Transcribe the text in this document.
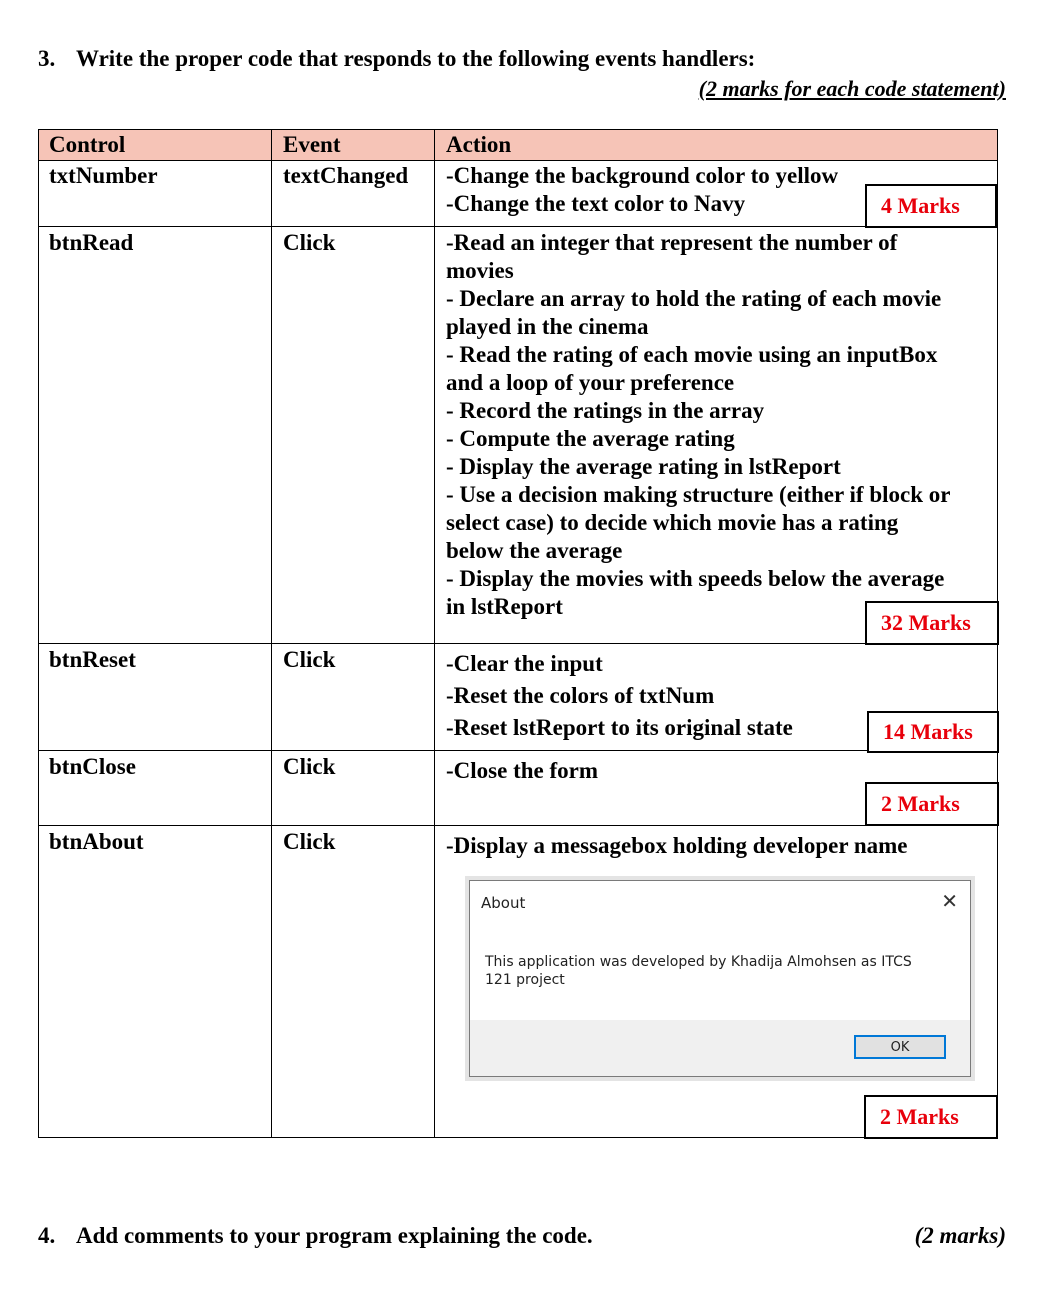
3. Write the proper code that responds to the following events handlers:
(2 marks for each code statement)
Control	Event	Action
txtNumber	textChanged -Change the background color to yellow
-Change the text color to Navy
btnRead	Click	-Read an integer that represent the number of
movies
- Declare an array to hold the rating of each movie
played in the cinema
- Read the rating of each movie using an inputBox
and a loop of your preference
- Record the ratings in the array
- Compute the average rating
- Display the average rating in lstReport
- Use a decision making structure (either if block or
select case) to decide which movie has a rating
below the average
- Display the movies with speeds below the average
in lstReport
btnReset	Click	-Clear the input
-Reset the colors of txtNum
-Reset lstReport to its original state
btnClose	Click	-Close the form
btnAbout	Click	-Display a messagebox holding developer name
4 Marks
32 Marks
14 Marks
2 Marks
2 Marks
About	✕
This application was developed by Khadija Almohsen as ITCS 121 project
OK
4. Add comments to your program explaining the code.	(2 marks)
